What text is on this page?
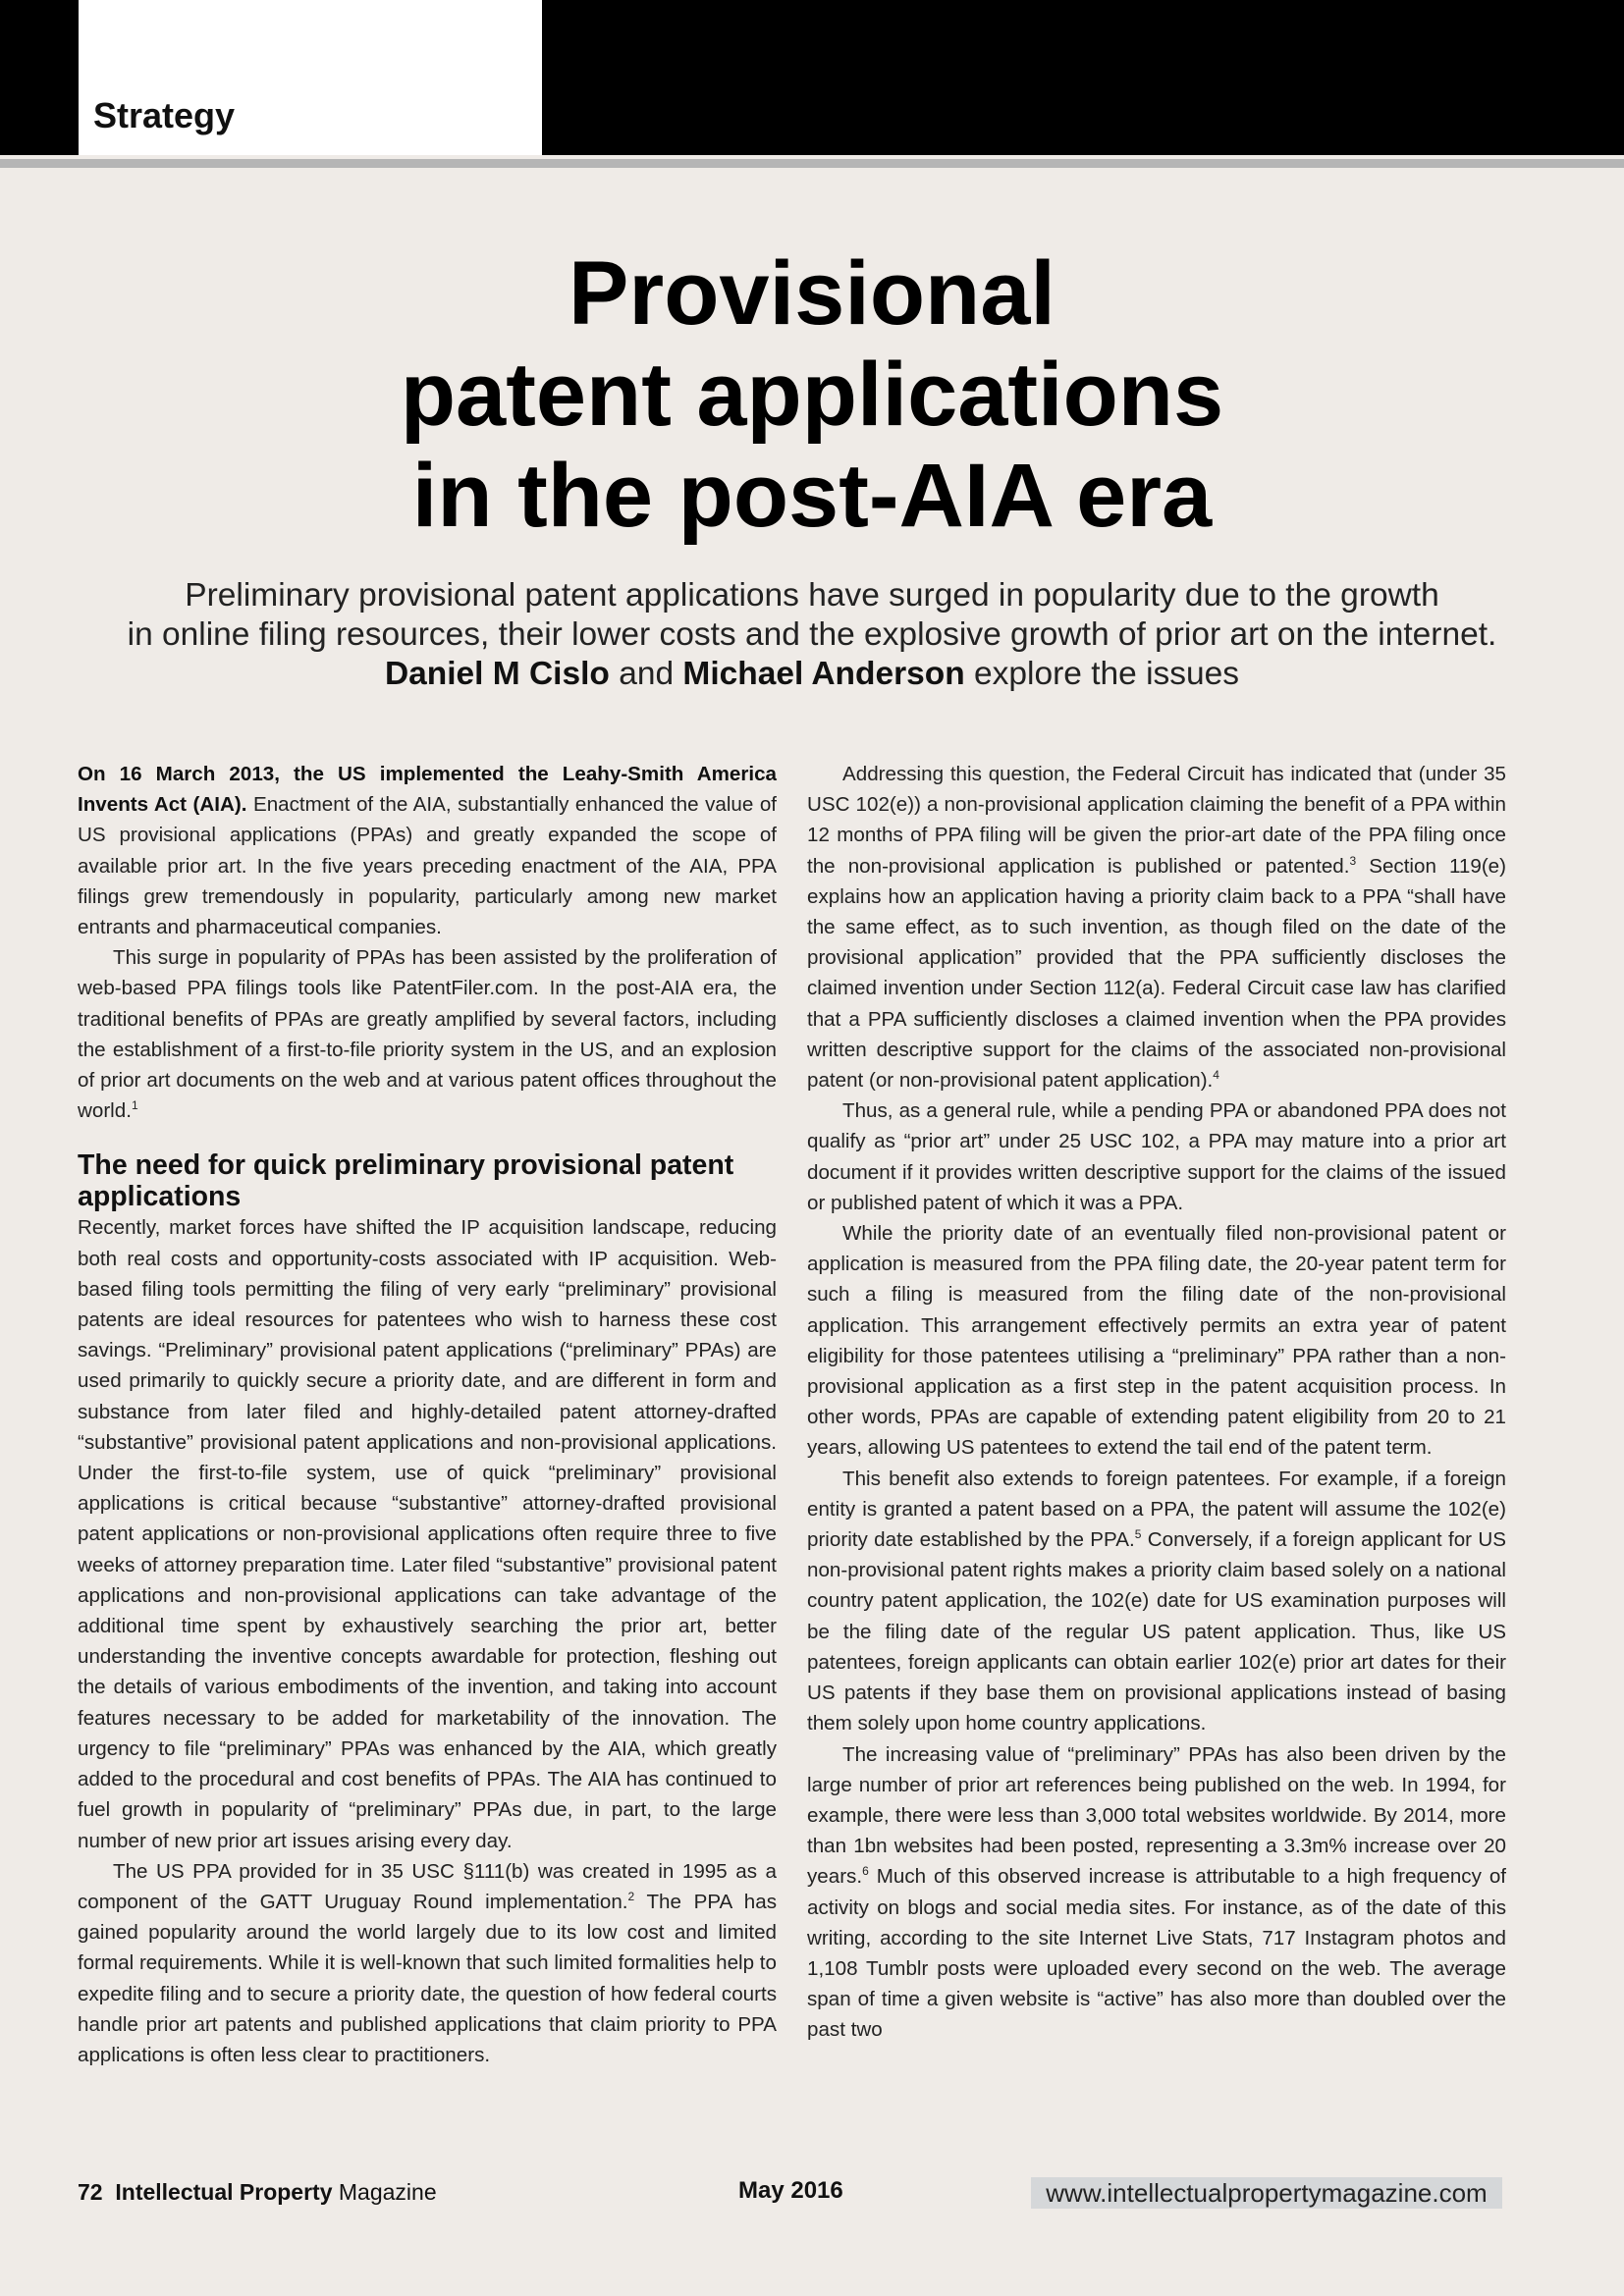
Strategy
Provisional
patent applications
in the post-AIA era
Preliminary provisional patent applications have surged in popularity due to the growth
in online filing resources, their lower costs and the explosive growth of prior art on the internet.
Daniel M Cislo and Michael Anderson explore the issues

On 16 March 2013, the US implemented the Leahy-Smith America Invents Act (AIA). Enactment of the AIA, substantially enhanced the value of US provisional applications (PPAs) and greatly expanded the scope of available prior art. In the five years preceding enactment of the AIA, PPA filings grew tremendously in popularity, particularly among new market entrants and pharmaceutical companies.

This surge in popularity of PPAs has been assisted by the proliferation of web-based PPA filings tools like PatentFiler.com. In the post-AIA era, the traditional benefits of PPAs are greatly amplified by several factors, including the establishment of a first-to-file priority system in the US, and an explosion of prior art documents on the web and at various patent offices throughout the world.$^1$

The need for quick preliminary provisional patent applications

Recently, market forces have shifted the IP acquisition landscape, reducing both real costs and opportunity-costs associated with IP acquisition. Web-based filing tools permitting the filing of very early “preliminary” provisional patents are ideal resources for patentees who wish to harness these cost savings. “Preliminary” provisional patent applications (“preliminary” PPAs) are used primarily to quickly secure a priority date, and are different in form and substance from later filed and highly-detailed patent attorney-drafted “substantive” provisional patent applications and non-provisional applications. Under the first-to-file system, use of quick “preliminary” provisional applications is critical because “substantive” attorney-drafted provisional patent applications or non-provisional applications often require three to five weeks of attorney preparation time. Later filed “substantive” provisional patent applications and non-provisional applications can take advantage of the additional time spent by exhaustively searching the prior art, better understanding the inventive concepts awardable for protection, fleshing out the details of various embodiments of the invention, and taking into account features necessary to be added for marketability of the innovation. The urgency to file “preliminary” PPAs was enhanced by the AIA, which greatly added to the procedural and cost benefits of PPAs. The AIA has continued to fuel growth in popularity of “preliminary” PPAs due, in part, to the large number of new prior art issues arising every day.

The US PPA provided for in 35 USC §111(b) was created in 1995 as a component of the GATT Uruguay Round implementation.$^2$ The PPA has gained popularity around the world largely due to its low cost and limited formal requirements. While it is well-known that such limited formalities help to expedite filing and to secure a priority date, the question of how federal courts handle prior art patents and published applications that claim priority to PPA applications is often less clear to practitioners.

Addressing this question, the Federal Circuit has indicated that (under 35 USC 102(e)) a non-provisional application claiming the benefit of a PPA within 12 months of PPA filing will be given the prior-art date of the PPA filing once the non-provisional application is published or patented.$^3$ Section 119(e) explains how an application having a priority claim back to a PPA “shall have the same effect, as to such invention, as though filed on the date of the provisional application” provided that the PPA sufficiently discloses the claimed invention under Section 112(a). Federal Circuit case law has clarified that a PPA sufficiently discloses a claimed invention when the PPA provides written descriptive support for the claims of the associated non-provisional patent (or non-provisional patent application).$^4$

Thus, as a general rule, while a pending PPA or abandoned PPA does not qualify as “prior art” under 25 USC 102, a PPA may mature into a prior art document if it provides written descriptive support for the claims of the issued or published patent of which it was a PPA.

While the priority date of an eventually filed non-provisional patent or application is measured from the PPA filing date, the 20-year patent term for such a filing is measured from the filing date of the non-provisional application. This arrangement effectively permits an extra year of patent eligibility for those patentees utilising a “preliminary” PPA rather than a non-provisional application as a first step in the patent acquisition process. In other words, PPAs are capable of extending patent eligibility from 20 to 21 years, allowing US patentees to extend the tail end of the patent term.

This benefit also extends to foreign patentees. For example, if a foreign entity is granted a patent based on a PPA, the patent will assume the 102(e) priority date established by the PPA.$^5$ Conversely, if a foreign applicant for US non-provisional patent rights makes a priority claim based solely on a national country patent application, the 102(e) date for US examination purposes will be the filing date of the regular US patent application. Thus, like US patentees, foreign applicants can obtain earlier 102(e) prior art dates for their US patents if they base them on provisional applications instead of basing them solely upon home country applications.

The increasing value of “preliminary” PPAs has also been driven by the large number of prior art references being published on the web. In 1994, for example, there were less than 3,000 total websites worldwide. By 2014, more than 1bn websites had been posted, representing a 3.3m% increase over 20 years.$^6$ Much of this observed increase is attributable to a high frequency of activity on blogs and social media sites. For instance, as of the date of this writing, according to the site Internet Live Stats, 717 Instagram photos and 1,108 Tumblr posts were uploaded every second on the web. The average span of time a given website is “active” has also more than doubled over the past two

72 Intellectual Property Magazine	May 2016	www.intellectualpropertymagazine.com
